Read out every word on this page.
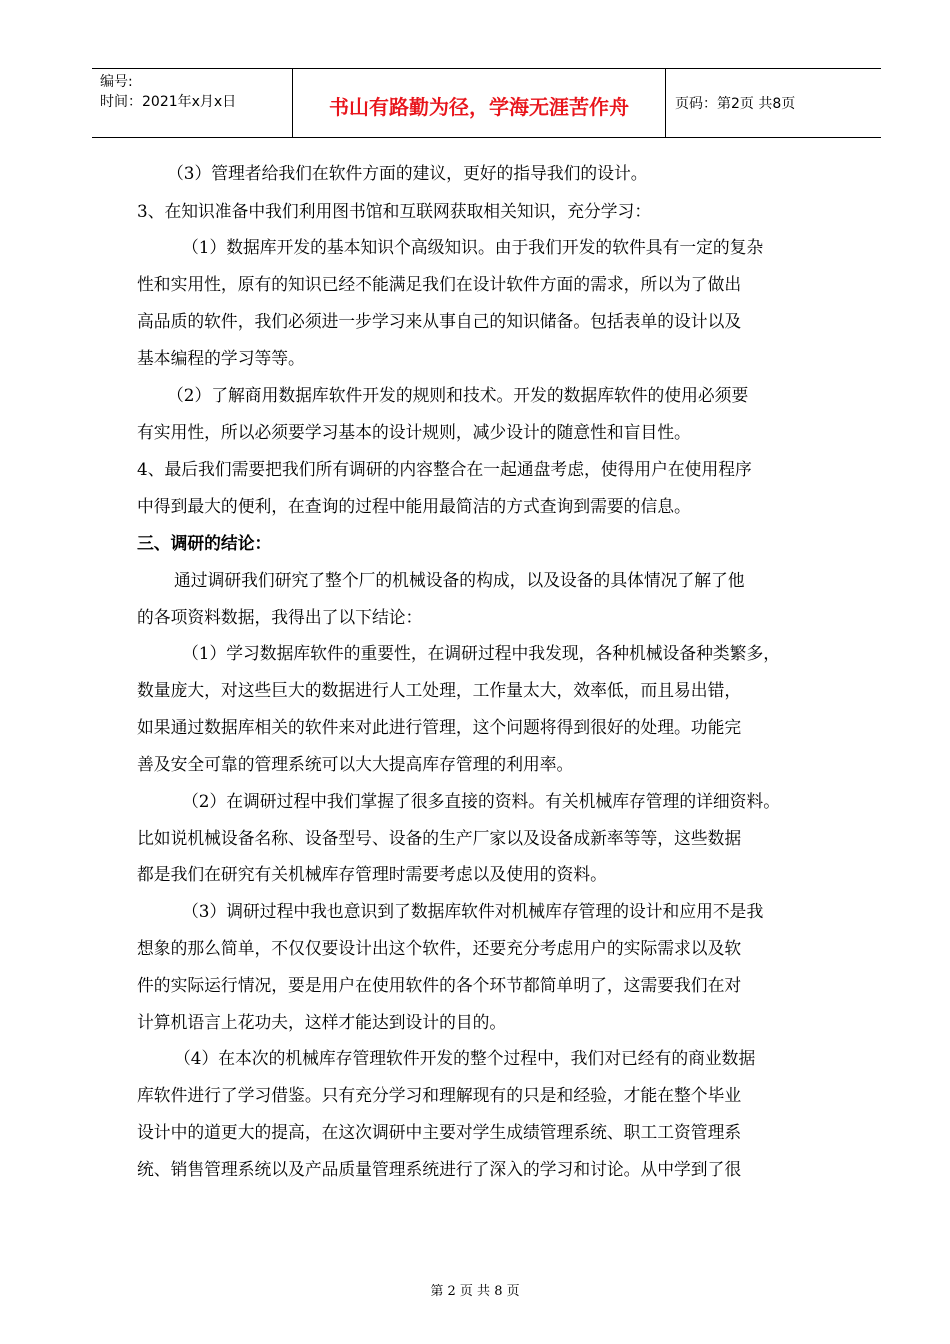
编号:
时间：2021年x月x日	书山有路勤为径，学海无涯苦作舟	页码：第2页 共8页
（3）管理者给我们在软件方面的建议，更好的指导我们的设计。
3、在知识准备中我们利用图书馆和互联网获取相关知识，充分学习：
（1）数据库开发的基本知识个高级知识。由于我们开发的软件具有一定的复杂
性和实用性，原有的知识已经不能满足我们在设计软件方面的需求，所以为了做出
高品质的软件，我们必须进一步学习来从事自己的知识储备。包括表单的设计以及
基本编程的学习等等。
（2）了解商用数据库软件开发的规则和技术。开发的数据库软件的使用必须要
有实用性，所以必须要学习基本的设计规则，减少设计的随意性和盲目性。
4、最后我们需要把我们所有调研的内容整合在一起通盘考虑，使得用户在使用程序
中得到最大的便利，在查询的过程中能用最简洁的方式查询到需要的信息。
三、调研的结论：
通过调研我们研究了整个厂的机械设备的构成，以及设备的具体情况了解了他
的各项资料数据，我得出了以下结论：
（1）学习数据库软件的重要性，在调研过程中我发现，各种机械设备种类繁多，
数量庞大，对这些巨大的数据进行人工处理，工作量太大，效率低，而且易出错，
如果通过数据库相关的软件来对此进行管理，这个问题将得到很好的处理。功能完
善及安全可靠的管理系统可以大大提高库存管理的利用率。
（2）在调研过程中我们掌握了很多直接的资料。有关机械库存管理的详细资料。
比如说机械设备名称、设备型号、设备的生产厂家以及设备成新率等等，这些数据
都是我们在研究有关机械库存管理时需要考虑以及使用的资料。
（3）调研过程中我也意识到了数据库软件对机械库存管理的设计和应用不是我
想象的那么简单，不仅仅要设计出这个软件，还要充分考虑用户的实际需求以及软
件的实际运行情况，要是用户在使用软件的各个环节都简单明了，这需要我们在对
计算机语言上花功夫，这样才能达到设计的目的。
（4）在本次的机械库存管理软件开发的整个过程中，我们对已经有的商业数据
库软件进行了学习借鉴。只有充分学习和理解现有的只是和经验，才能在整个毕业
设计中的道更大的提高，在这次调研中主要对学生成绩管理系统、职工工资管理系
统、销售管理系统以及产品质量管理系统进行了深入的学习和讨论。从中学到了很
第 2 页 共 8 页
